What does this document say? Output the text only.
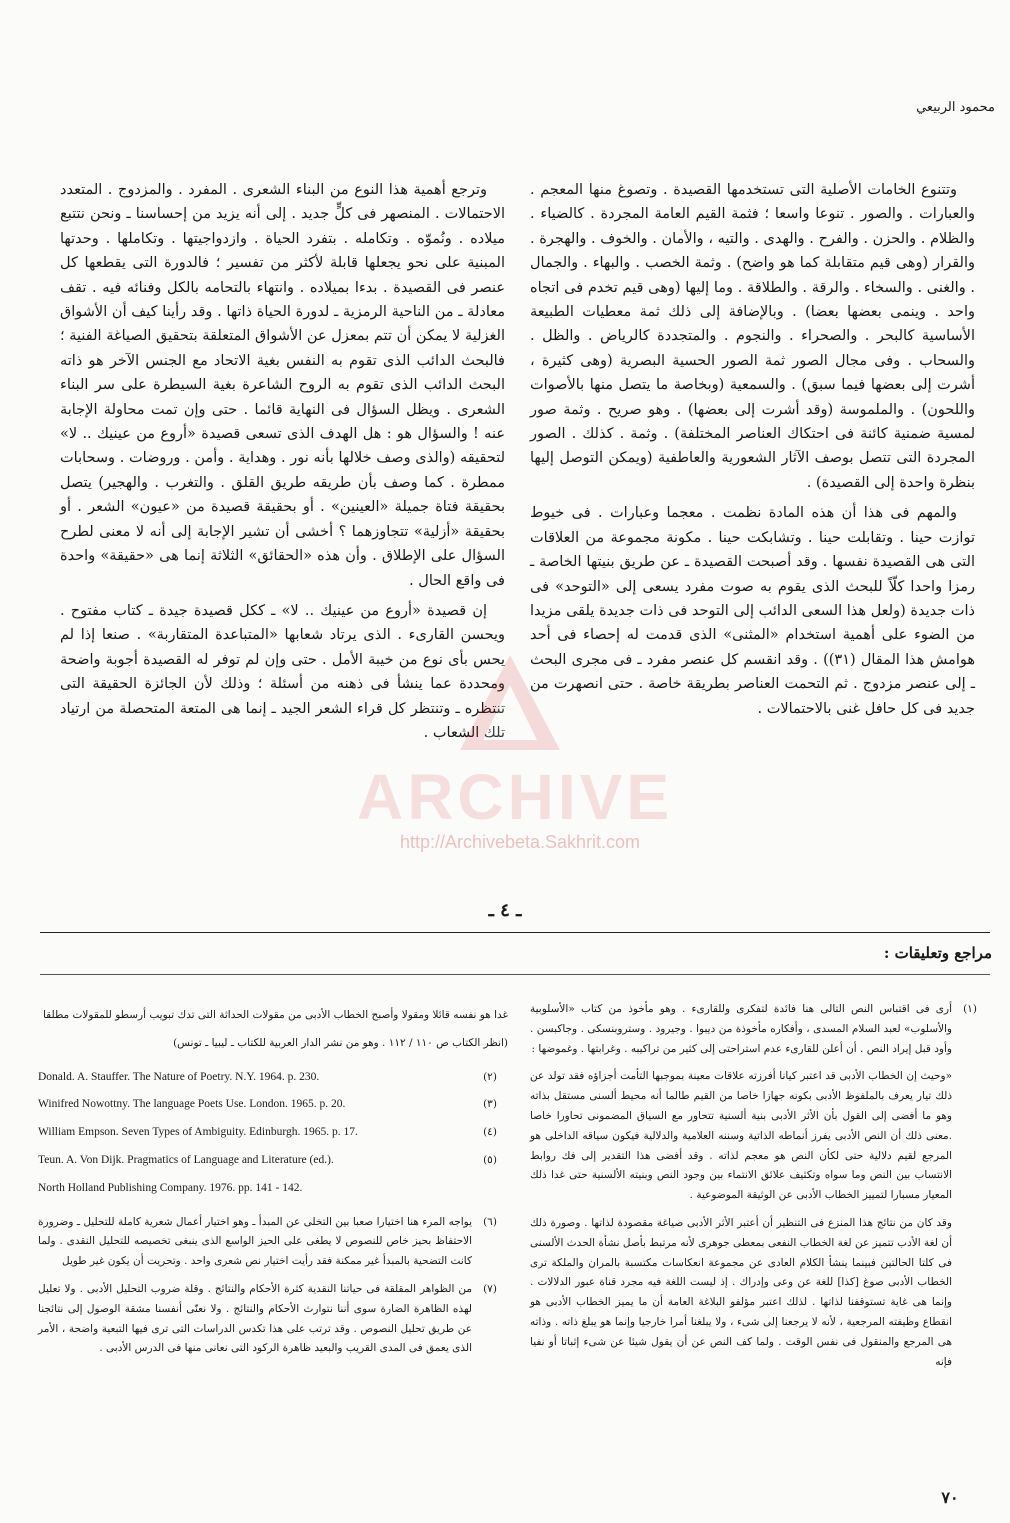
محمود الربيعي

وتتنوع الخامات الأصلية التى تستخدمها القصيدة . وتصوغ منها المعجم . والعبارات . والصور . تنوعا واسعا ؛ فثمة القيم العامة المجردة . كالضياء . والظلام . والحزن . والفرح . والهدى . والتيه ، والأمان . والخوف . والهجرة . والقرار (وهى قيم متقابلة كما هو واضح) . وثمة الخصب . والبهاء . والجمال . والغنى . والسخاء . والرقة . والطلاقة . وما إليها (وهى قيم تخدم فى اتجاه واحد . وينمى بعضها بعضا) . وبالإضافة إلى ذلك ثمة معطيات الطبيعة الأساسية كالبحر . والصحراء . والنجوم . والمتجددة كالرياض . والظل . والسحاب . وفى مجال الصور ثمة الصور الحسية البصرية (وهى كثيرة ، أشرت إلى بعضها فيما سبق) . والسمعية (وبخاصة ما يتصل منها بالأصوات واللحون) . والملموسة (وقد أشرت إلى بعضها) . وهو صريح . وثمة صور لمسية ضمنية كائنة فى احتكاك العناصر المختلفة) . وثمة . كذلك . الصور المجردة التى تتصل بوصف الآثار الشعورية والعاطفية (ويمكن التوصل إليها بنظرة واحدة إلى القصيدة) .

والمهم فى هذا أن هذه المادة نظمت . معجما وعبارات . فى خيوط توازت حينا . وتقابلت حينا . وتشابكت حينا . مكونة مجموعة من العلاقات التى هى القصيدة نفسها . وقد أصبحت القصيدة ـ عن طريق بنيتها الخاصة ـ رمزا واحدا كلّاً للبحث الذى يقوم به صوت مفرد يسعى إلى «التوحد» فى ذات جديدة (ولعل هذا السعى الدائب إلى التوحد فى ذات جديدة يلقى مزيدا من الضوء على أهمية استخدام «المثنى» الذى قدمت له إحصاء فى أحد هوامش هذا المقال (٣١)) . وقد انقسم كل عنصر مفرد ـ فى مجرى البحث ـ إلى عنصر مزدوج . ثم التحمت العناصر بطريقة خاصة . حتى انصهرت من جديد فى كل حافل غنى بالاحتمالات .

وترجع أهمية هذا النوع من البناء الشعرى . المفرد . والمزدوج . المتعدد الاحتمالات . المنصهر فى كلٍّ جديد . إلى أنه يزيد من إحساسنا ـ ونحن نتتبع ميلاده . ونُموّه . وتكامله . بتفرد الحياة . وازدواجيتها . وتكاملها . وحدتها المبنية على نحو يجعلها قابلة لأكثر من تفسير ؛ فالدورة التى يقطعها كل عنصر فى القصيدة . بدءا بميلاده . وانتهاء بالتحامه بالكل وفنائه فيه . تقف معادلة ـ من الناحية الرمزية ـ لدورة الحياة ذاتها . وقد رأينا كيف أن الأشواق الغزلية لا يمكن أن تتم بمعزل عن الأشواق المتعلقة بتحقيق الصياغة الفنية ؛ فالبحث الدائب الذى تقوم به النفس بغية الاتحاد مع الجنس الآخر هو ذاته البحث الدائب الذى تقوم به الروح الشاعرة بغية السيطرة على سر البناء الشعرى . ويظل السؤال فى النهاية قائما . حتى وإن تمت محاولة الإجابة عنه ! والسؤال هو : هل الهدف الذى تسعى قصيدة «أروع من عينيك .. لا» لتحقيقه (والذى وصف خلالها بأنه نور . وهداية . وأمن . وروضات . وسحابات ممطرة . كما وصف بأن طريقه طريق القلق . والتغرب . والهجير) يتصل بحقيقة فتاة جميلة «العينين» . أو بحقيقة قصيدة من «عيون» الشعر . أو بحقيقة «أزلية» تتجاوزهما ؟ أخشى أن تشير الإجابة إلى أنه لا معنى لطرح السؤال على الإطلاق . وأن هذه «الحقائق» الثلاثة إنما هى «حقيقة» واحدة فى واقع الحال .

إن قصيدة «أروع من عينيك .. لا» ـ ككل قصيدة جيدة ـ كتاب مفتوح . ويحسن القارىء . الذى يرتاد شعابها «المتباعدة المتقاربة» . صنعا إذا لم يحس بأى نوع من خيبة الأمل . حتى وإن لم توفر له القصيدة أجوبة واضحة ومحددة عما ينشأ فى ذهنه من أسئلة ؛ وذلك لأن الجائزة الحقيقة التى تنتظره ـ وتنتظر كل قراء الشعر الجيد ـ إنما هى المتعة المتحصلة من ارتياد تلك الشعاب .

ARCHIVE
http://Archivebeta.Sakhrit.com
ـ ٤ ـ
مراجع وتعليقات :
(١)
أرى فى اقتباس النص التالى هنا فائدة لتفكرى وللقارىء . وهو مأخوذ من كتاب «الأسلوبية والأسلوب» لعبد السلام المسدى ، وأفكاره مأخوذة من ديبوا . وجيرود . وستروبنسكى . وجاكبسن . وأود قبل إيراد النص . أن أعلن للقارىء عدم استراحتى إلى كثير من تراكيبه . وغرابتها . وغموضها :
«وحيث إن الخطاب الأدبى قد اعتبر كيانا أفرزته علاقات معينة بموجبها التأمت أجزاؤه فقد تولد عن ذلك تيار يعرف بالملفوظ الأدبى بكونه جهازا خاصا من القيم طالما أنه محيط ألسنى مستقل بذاته وهو ما أفضى إلى القول بأن الأثر الأدبى بنية ألسنية تتحاور مع السياق المضمونى تحاورا خاصا .معنى ذلك أن النص الأدبى يفرز أنماطه الذاتية وسننه العلامية والدلالية فيكون سياقه الداخلى هو المرجع لقيم دلالية حتى لكأن النص هو معجم لذاته . وقد أفضى هذا التقدير إلى فك روابط الانتساب بين النص وما سواه وتكثيف علائق الانتماء بين وجود النص وبنيته الألسنية حتى غدا ذلك المعيار مسبارا لتمييز الخطاب الأدبى عن الوثيقة الموضوعية .
وقد كان من نتائج هذا المنزع فى التنظير أن أعتبر الأثر الأدبى صياغة مقصودة لذاتها . وصورة ذلك أن لغة الأدب تتميز عن لغة الخطاب النفعى بمعطى جوهرى لأنه مرتبط بأصل نشأة الحدث الألسنى فى كلتا الحالتين فبينما ينشأ الكلام العادى عن مجموعة انعكاسات مكتسبة بالمران والملكة ترى الخطاب الأدبى صوغ [كذا] للغة عن وعى وإدراك . إذ ليست اللغة فيه مجرد قناة عبور الدلالات . وإنما هى غاية تستوقفنا لذاتها . لذلك اعتبر مؤلفو البلاغة العامة أن ما يميز الخطاب الأدبى هو انقطاع وظيفته المرجعية ، لأنه لا يرجعنا إلى شىء ، ولا يبلغنا أمرا خارجيا وإنما هو يبلغ ذاته . وذاته هى المرجع والمنقول فى نفس الوقت . ولما كف النص عن أن يقول شيئا عن شىء إثباتا أو نفيا فإنه
غدا هو نفسه قائلا ومقولا وأصبح الخطاب الأدبى من مقولات الحداثة التى تدك تبويب أرسطو للمقولات مطلقا
(انظر الكتاب ص ١١٠ / ١١٢ . وهو من نشر الدار العربية للكتاب ـ ليبيا ـ تونس)
(٢)
Donald. A. Stauffer. The Nature of Poetry. N.Y. 1964. p. 230.
(٣)
Winifred Nowottny. The language Poets Use. London. 1965. p. 20.
(٤)
William Empson. Seven Types of Ambiguity. Edinburgh. 1965. p. 17.
(٥)
Teun. A. Von Dijk. Pragmatics of Language and Literature (ed.).
North Holland Publishing Company. 1976. pp. 141 - 142.
(٦)
يواجه المرء هنا اختيارا صعبا بين التخلى عن المبدأ ـ وهو اختيار أعمال شعرية كاملة للتحليل ـ وضرورة الاحتفاظ بحيز خاص للنصوص لا يطغى على الحيز الواسع الذى ينبغى تخصيصه للتحليل النقدى . ولما كانت التضحية بالمبدأ غير ممكنة فقد رأيت اختيار نص شعرى واحد . وتحريت أن يكون غير طويل
(٧)
من الظواهر المقلقة فى حياتنا النقدية كثرة الأحكام والنتائج . وقلة ضروب التحليل الأدبى . ولا تعليل لهذه الظاهرة الضارة سوى أننا نتوارث الأحكام والنتائج . ولا نعنّى أنفسنا مشقة الوصول إلى نتائجنا عن طريق تحليل النصوص . وقد ترتب على هذا تكدس الدراسات التى ترى فيها التبعية واضحة ، الأمر الذى يعمق فى المدى القريب والبعيد ظاهرة الركود التى نعانى منها فى الدرس الأدبى .
٧٠
